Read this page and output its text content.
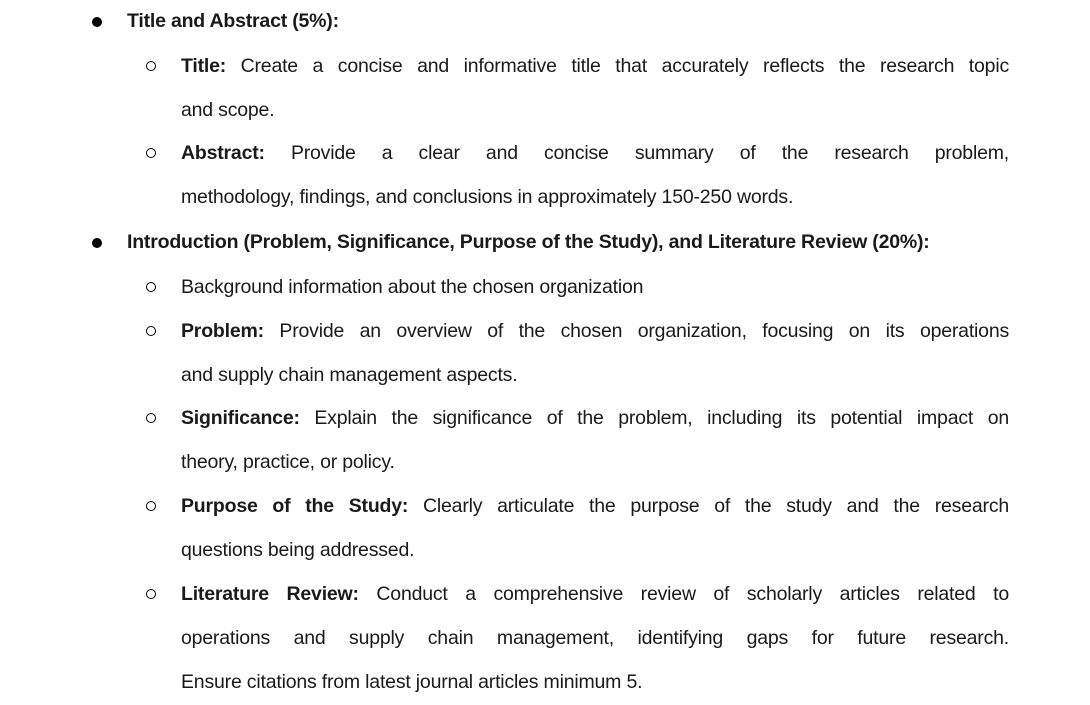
Title and Abstract (5%):
Title: Create a concise and informative title that accurately reflects the research topic
and scope.
Abstract: Provide a clear and concise summary of the research problem,
methodology, findings, and conclusions in approximately 150-250 words.
Introduction (Problem, Significance, Purpose of the Study), and Literature Review (20%):
Background information about the chosen organization
Problem: Provide an overview of the chosen organization, focusing on its operations
and supply chain management aspects.
Significance: Explain the significance of the problem, including its potential impact on
theory, practice, or policy.
Purpose of the Study: Clearly articulate the purpose of the study and the research
questions being addressed.
Literature Review: Conduct a comprehensive review of scholarly articles related to
operations and supply chain management, identifying gaps for future research.
Ensure citations from latest journal articles minimum 5.
